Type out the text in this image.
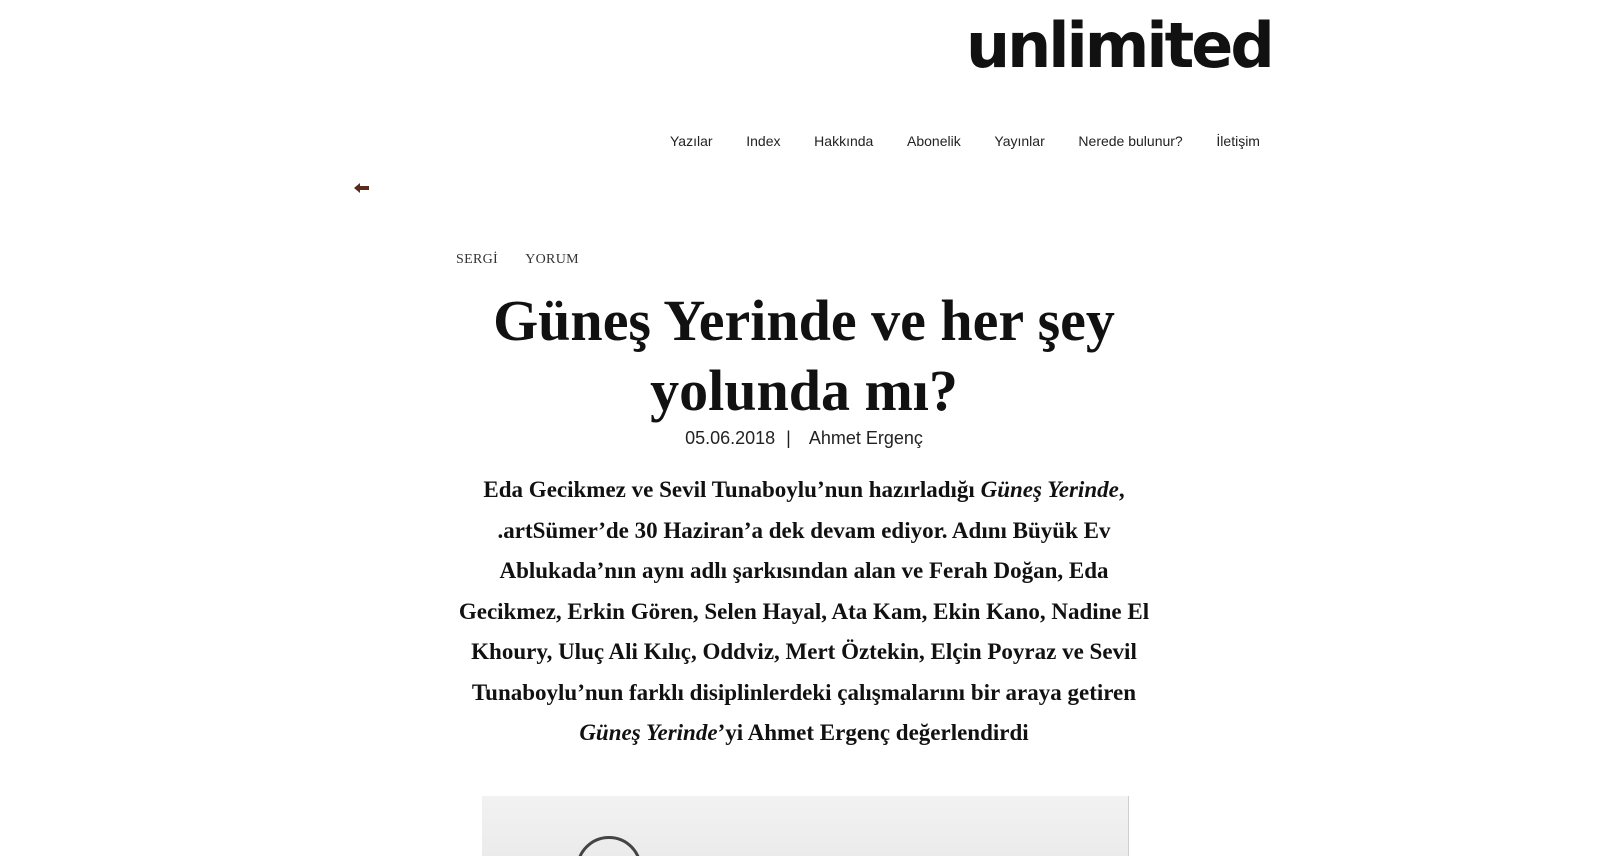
unlimited
Yazılar Index Hakkında Abonelik Yayınlar Nerede bulunur? İletişim
SERGİ YORUM
Güneş Yerinde ve her şey yolunda mı?
05.06.2018 | Ahmet Ergenç

Eda Gecikmez ve Sevil Tunaboylu’nun hazırladığı Güneş Yerinde, .artSümer’de 30 Haziran’a dek devam ediyor. Adını Büyük Ev Ablukada’nın aynı adlı şarkısından alan ve Ferah Doğan, Eda Gecikmez, Erkin Gören, Selen Hayal, Ata Kam, Ekin Kano, Nadine El Khoury, Uluç Ali Kılıç, Oddviz, Mert Öztekin, Elçin Poyraz ve Sevil Tunaboylu’nun farklı disiplinlerdeki çalışmalarını bir araya getiren Güneş Yerinde’yi Ahmet Ergenç değerlendirdi
